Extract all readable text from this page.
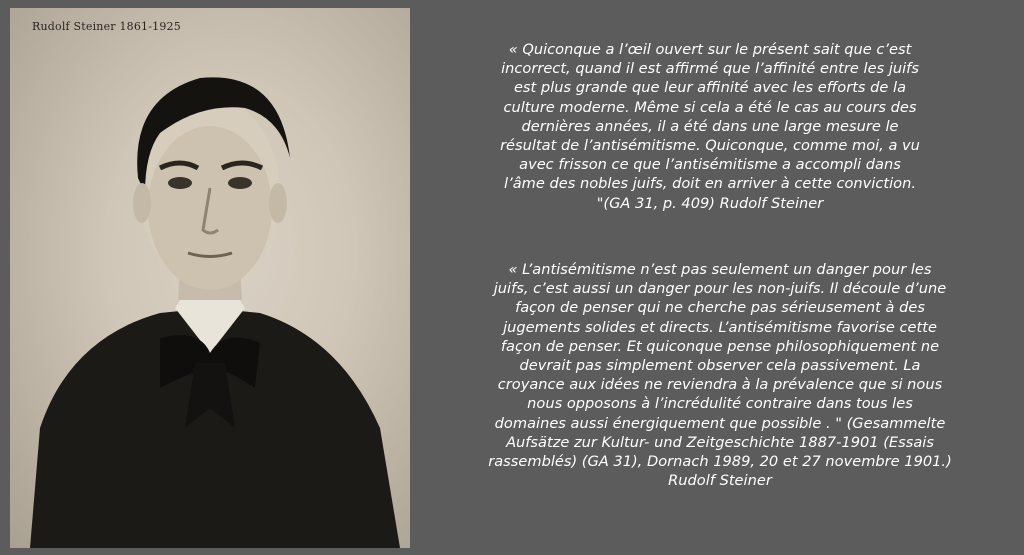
Rudolf Steiner 1861-1925

« Quiconque a l’œil ouvert sur le présent sait que c’est
incorrect, quand il est affirmé que l’affinité entre les juifs
est plus grande que leur affinité avec les efforts de la
culture moderne. Même si cela a été le cas au cours des
dernières années, il a été dans une large mesure le
résultat de l’antisémitisme. Quiconque, comme moi, a vu
avec frisson ce que l’antisémitisme a accompli dans
l’âme des nobles juifs, doit en arriver à cette conviction.
"(GA 31, p. 409) Rudolf Steiner

« L’antisémitisme n’est pas seulement un danger pour les
juifs, c’est aussi un danger pour les non-juifs. Il découle d’une
façon de penser qui ne cherche pas sérieusement à des
jugements solides et directs. L’antisémitisme favorise cette
façon de penser. Et quiconque pense philosophiquement ne
devrait pas simplement observer cela passivement. La
croyance aux idées ne reviendra à la prévalence que si nous
nous opposons à l’incrédulité contraire dans tous les
domaines aussi énergiquement que possible . " (Gesammelte
Aufsätze zur Kultur- und Zeitgeschichte 1887-1901 (Essais
rassemblés) (GA 31), Dornach 1989, 20 et 27 novembre 1901.)
Rudolf Steiner
